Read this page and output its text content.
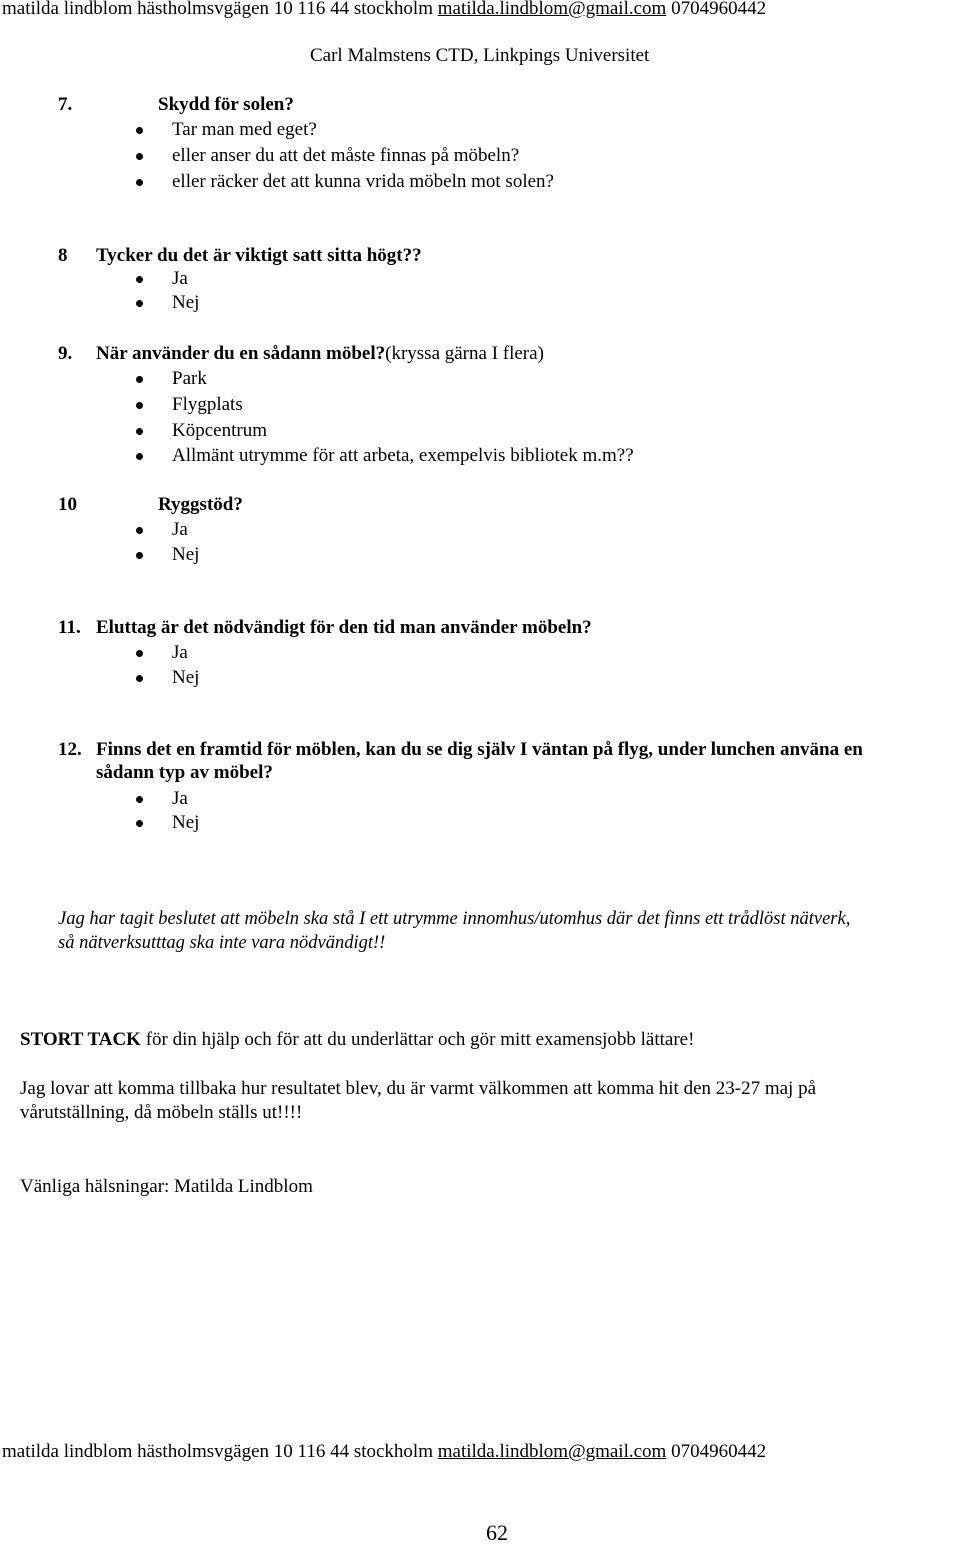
matilda lindblom hästholmsvgägen 10 116 44 stockholm matilda.lindblom@gmail.com 0704960442
Carl Malmstens CTD, Linkpings Universitet
7.	Skydd för solen?
Tar man med eget?
eller anser du att det måste finnas på möbeln?
eller räcker det att kunna vrida möbeln mot solen?
8 Tycker du det är viktigt satt sitta högt??
Ja
Nej
9. När använder du en sådann möbel?(kryssa gärna I flera)
Park
Flygplats
Köpcentrum
Allmänt utrymme för att arbeta, exempelvis bibliotek m.m??
10	Ryggstöd?
Ja
Nej
11. Eluttag är det nödvändigt för den tid man använder möbeln?
Ja
Nej
12. Finns det en framtid för möblen, kan du se dig själv I väntan på flyg, under lunchen använa en
sådann typ av möbel?
Ja
Nej
Jag har tagit beslutet att möbeln ska stå I ett utrymme innomhus/utomhus där det finns ett trådlöst nätverk,
så nätverksutttag ska inte vara nödvändigt!!
STORT TACK för din hjälp och för att du underlättar och gör mitt examensjobb lättare!
Jag lovar att komma tillbaka hur resultatet blev, du är varmt välkommen att komma hit den 23-27 maj på
vårutställning, då möbeln ställs ut!!!!
Vänliga hälsningar: Matilda Lindblom
matilda lindblom hästholmsvgägen 10 116 44 stockholm matilda.lindblom@gmail.com 0704960442
62
